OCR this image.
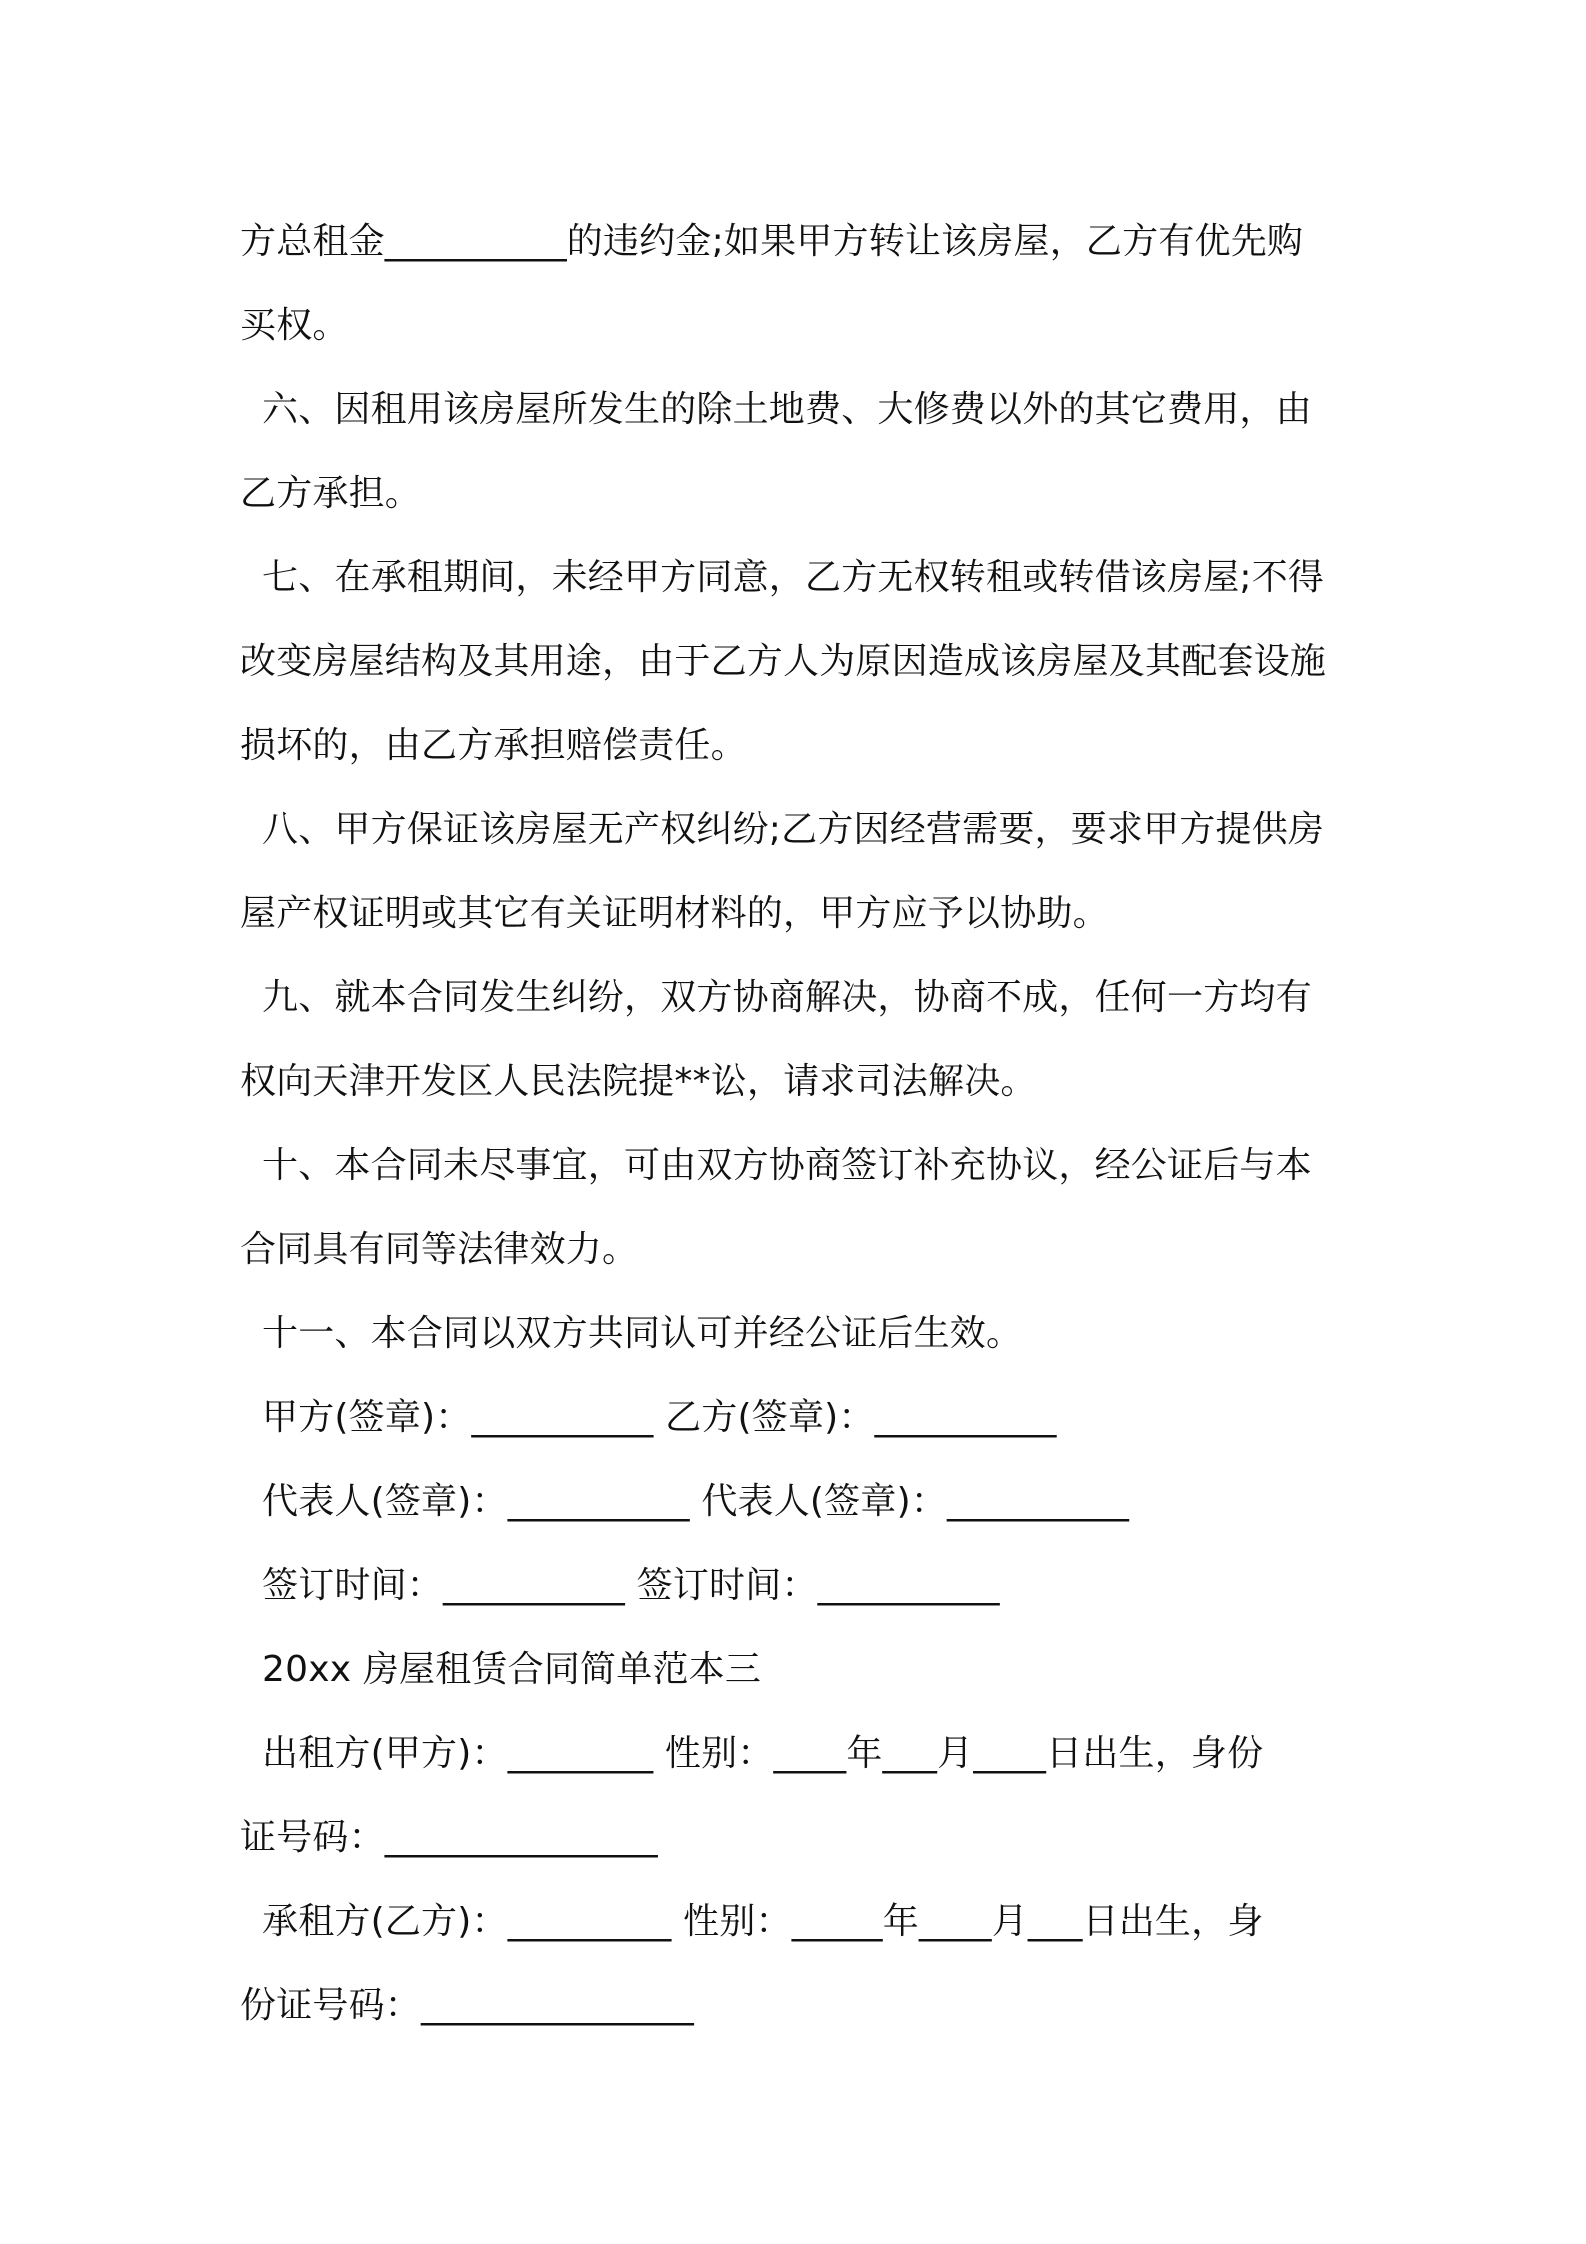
方总租金__________的违约金;如果甲方转让该房屋，乙方有优先购
买权。
六、因租用该房屋所发生的除土地费、大修费以外的其它费用，由
乙方承担。
七、在承租期间，未经甲方同意，乙方无权转租或转借该房屋;不得
改变房屋结构及其用途，由于乙方人为原因造成该房屋及其配套设施
损坏的，由乙方承担赔偿责任。
八、甲方保证该房屋无产权纠纷;乙方因经营需要，要求甲方提供房
屋产权证明或其它有关证明材料的，甲方应予以协助。
九、就本合同发生纠纷，双方协商解决，协商不成，任何一方均有
权向天津开发区人民法院提**讼，请求司法解决。
十、本合同未尽事宜，可由双方协商签订补充协议，经公证后与本
合同具有同等法律效力。
十一、本合同以双方共同认可并经公证后生效。
甲方(签章)：__________ 乙方(签章)：__________
代表人(签章)：__________ 代表人(签章)：__________
签订时间：__________ 签订时间：__________
20xx 房屋租赁合同简单范本三
出租方(甲方)：________ 性别：____年___月____日出生，身份
证号码：_______________
承租方(乙方)：_________ 性别：_____年____月___日出生，身
份证号码：_______________
